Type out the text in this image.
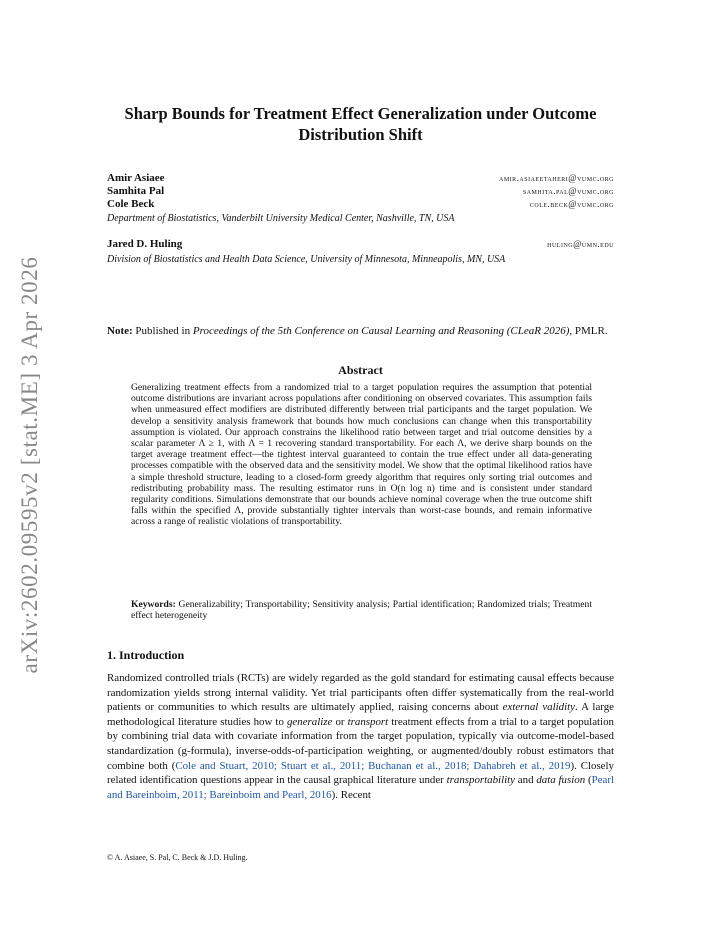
arXiv:2602.09595v2 [stat.ME] 3 Apr 2026
Sharp Bounds for Treatment Effect Generalization under Outcome Distribution Shift
Amir Asiaee	amir.asiaeetaheri@vumc.org
Samhita Pal	samhita.pal@vumc.org
Cole Beck	cole.beck@vumc.org
Department of Biostatistics, Vanderbilt University Medical Center, Nashville, TN, USA
Jared D. Huling	huling@umn.edu
Division of Biostatistics and Health Data Science, University of Minnesota, Minneapolis, MN, USA
Note: Published in Proceedings of the 5th Conference on Causal Learning and Reasoning (CLeaR 2026), PMLR.
Abstract
Generalizing treatment effects from a randomized trial to a target population requires the assumption that potential outcome distributions are invariant across populations after conditioning on observed covariates. This assumption fails when unmeasured effect modifiers are distributed differently between trial participants and the target population. We develop a sensitivity analysis framework that bounds how much conclusions can change when this transportability assumption is violated. Our approach constrains the likelihood ratio between target and trial outcome densities by a scalar parameter Λ ≥ 1, with Λ = 1 recovering standard transportability. For each Λ, we derive sharp bounds on the target average treatment effect—the tightest interval guaranteed to contain the true effect under all data-generating processes compatible with the observed data and the sensitivity model. We show that the optimal likelihood ratios have a simple threshold structure, leading to a closed-form greedy algorithm that requires only sorting trial outcomes and redistributing probability mass. The resulting estimator runs in O(n log n) time and is consistent under standard regularity conditions. Simulations demonstrate that our bounds achieve nominal coverage when the true outcome shift falls within the specified Λ, provide substantially tighter intervals than worst-case bounds, and remain informative across a range of realistic violations of transportability.
Keywords: Generalizability; Transportability; Sensitivity analysis; Partial identification; Randomized trials; Treatment effect heterogeneity
1. Introduction
Randomized controlled trials (RCTs) are widely regarded as the gold standard for estimating causal effects because randomization yields strong internal validity. Yet trial participants often differ systematically from the real-world patients or communities to which results are ultimately applied, raising concerns about external validity. A large methodological literature studies how to generalize or transport treatment effects from a trial to a target population by combining trial data with covariate information from the target population, typically via outcome-model-based standardization (g-formula), inverse-odds-of-participation weighting, or augmented/doubly robust estimators that combine both (Cole and Stuart, 2010; Stuart et al., 2011; Buchanan et al., 2018; Dahabreh et al., 2019). Closely related identification questions appear in the causal graphical literature under transportability and data fusion (Pearl and Bareinboim, 2011; Bareinboim and Pearl, 2016). Recent
© A. Asiaee, S. Pal, C. Beck & J.D. Huling.
